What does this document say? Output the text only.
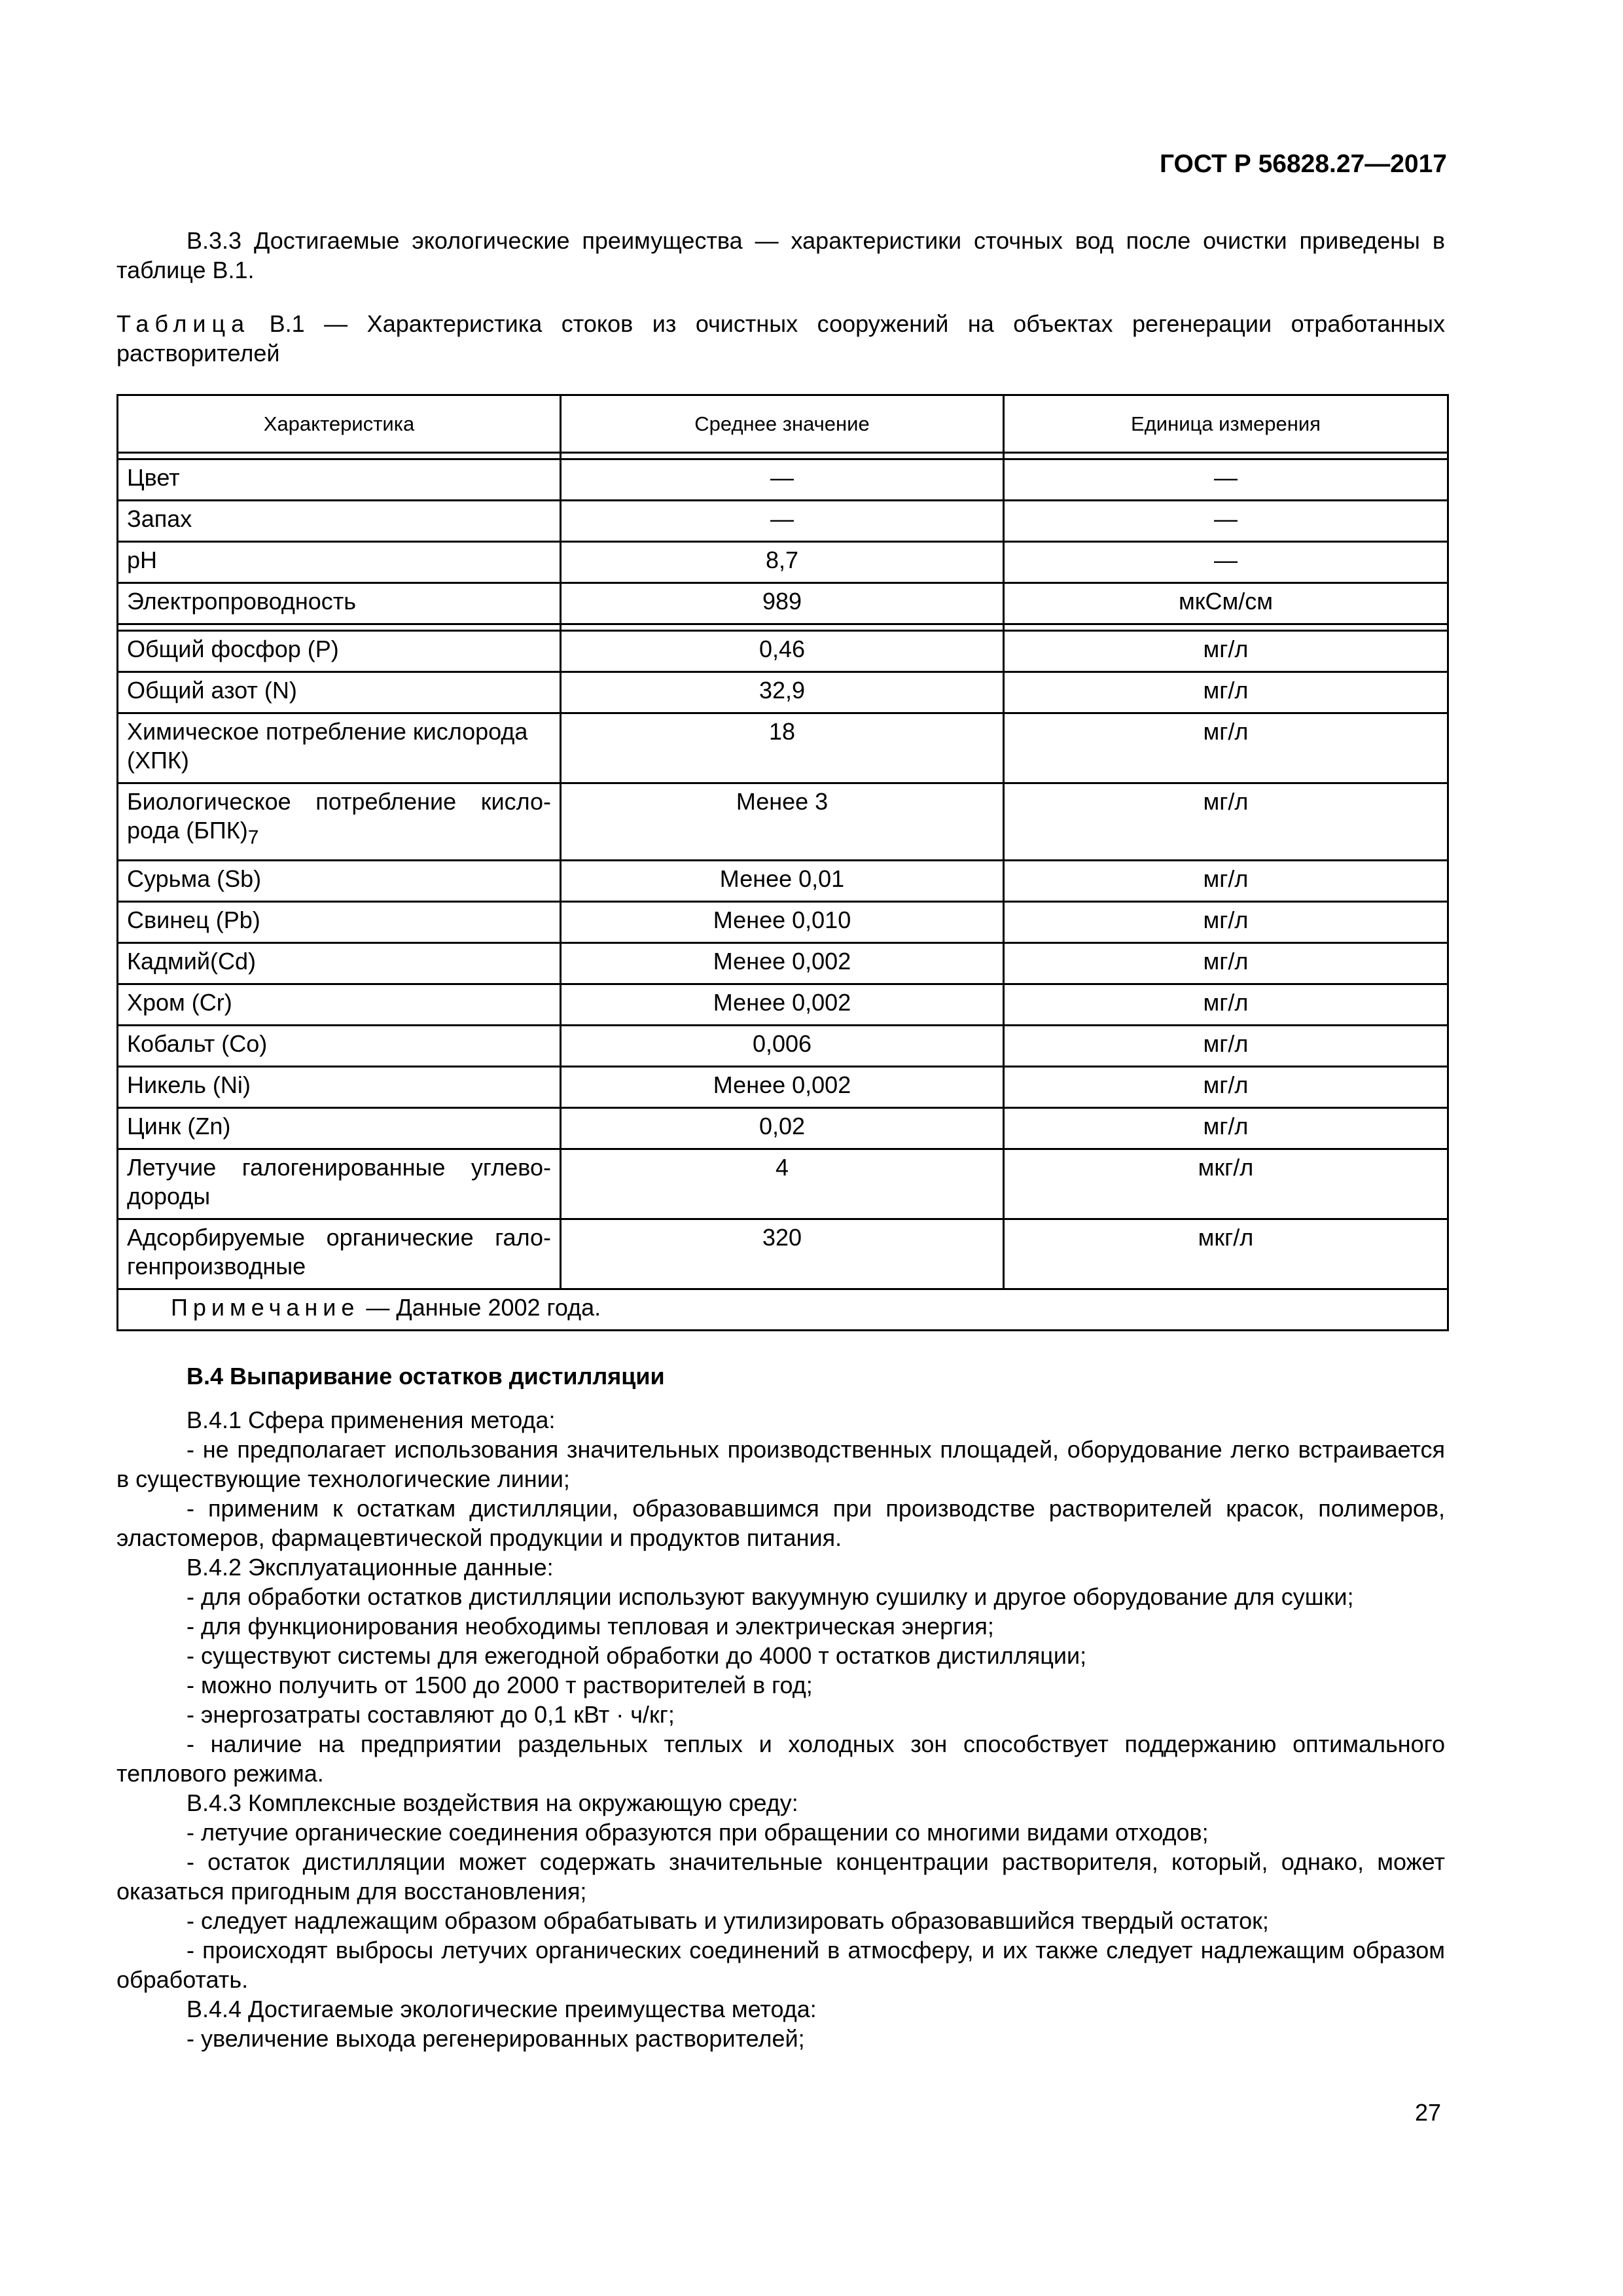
ГОСТ Р 56828.27—2017
В.3.3 Достигаемые экологические преимущества — характеристики сточных вод после очистки приведены в таблице В.1.
Таблица В.1 — Характеристика стоков из очистных сооружений на объектах регенерации отработанных растворителей
Характеристика	Среднее значение	Единица измерения

Цвет	—	—
Запах	—	—
pH	8,7	—
Электропроводность	989	мкСм/см

Общий фосфор (P)	0,46	мг/л
Общий азот (N)	32,9	мг/л
Химическое потребление кислорода (ХПК)	18	мг/л
Биологическое потребление кисло-рода $(БПК)_7$	Менее 3	мг/л
Сурьма (Sb)	Менее 0,01	мг/л
Свинец (Pb)	Менее 0,010	мг/л
Кадмий(Cd)	Менее 0,002	мг/л
Хром (Cr)	Менее 0,002	мг/л
Кобальт (Co)	0,006	мг/л
Никель (Ni)	Менее 0,002	мг/л
Цинк (Zn)	0,02	мг/л
Летучие галогенированные углево-дороды	4	мкг/л
Адсорбируемые органические гало-генпроизводные	320	мкг/л
Примечание — Данные 2002 года.		

В.4 Выпаривание остатков дистилляции

В.4.1 Сфера применения метода:

- не предполагает использования значительных производственных площадей, оборудование легко встраивается в существующие технологические линии;

- применим к остаткам дистилляции, образовавшимся при производстве растворителей красок, полимеров, эластомеров, фармацевтической продукции и продуктов питания.

В.4.2 Эксплуатационные данные:

- для обработки остатков дистилляции используют вакуумную сушилку и другое оборудование для сушки;

- для функционирования необходимы тепловая и электрическая энергия;

- существуют системы для ежегодной обработки до 4000 т остатков дистилляции;

- можно получить от 1500 до 2000 т растворителей в год;

- энергозатраты составляют до 0,1 кВт · ч/кг;

- наличие на предприятии раздельных теплых и холодных зон способствует поддержанию оптимального теплового режима.

В.4.3 Комплексные воздействия на окружающую среду:

- летучие органические соединения образуются при обращении со многими видами отходов;

- остаток дистилляции может содержать значительные концентрации растворителя, который, однако, может оказаться пригодным для восстановления;

- следует надлежащим образом обрабатывать и утилизировать образовавшийся твердый остаток;

- происходят выбросы летучих органических соединений в атмосферу, и их также следует надлежащим образом обработать.

В.4.4 Достигаемые экологические преимущества метода:

- увеличение выхода регенерированных растворителей;

27
